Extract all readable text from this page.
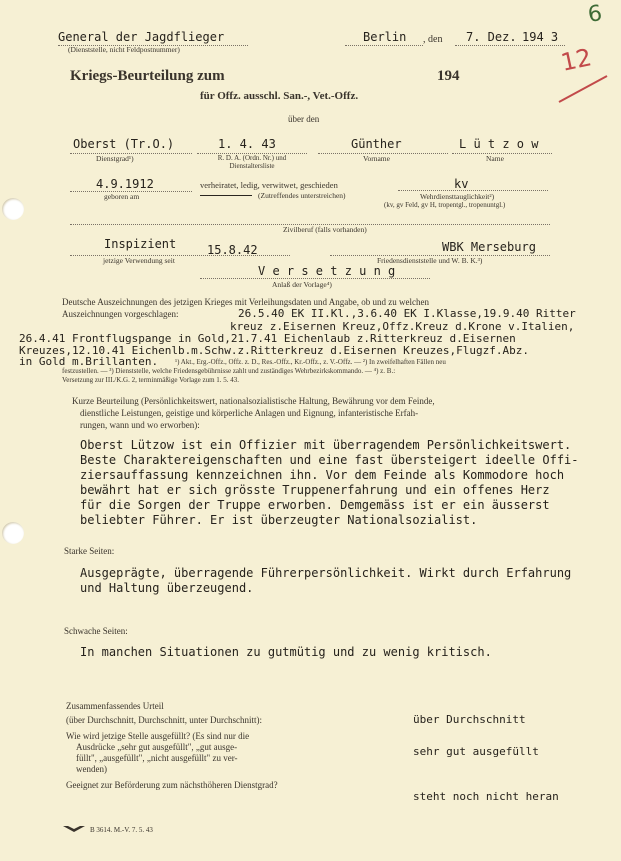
General der Jagdflieger
(Dienststelle, nicht Feldpostnummer)
Berlin , den 7. Dez. 194 3
6
12
Kriegs-Beurteilung zum	194
für Offz. ausschl. San.-, Vet.-Offz.
über den
Oberst (Tr.O.)
Dienstgrad¹)
1. 4. 43
R. D. A. (Ordn. Nr.) und Dienstaltersliste
Günther
Vorname
L ü t z o w
Name
4.9.1912
geboren am
verheiratet, ledig, verwitwet, geschieden
(Zutreffendes unterstreichen)
kv
Wehrdiensttauglichkeit²)
(kv, gv Feld, gv H, tropentgl., tropenuntgl.)
Zivilberuf (falls vorhanden)
Inspizient	15.8.42
jetzige Verwendung seit
WBK Merseburg
Friedensdienststelle und W. B. K.³)
V e r s e t z u n g
Anlaß der Vorlage⁴)
Deutsche Auszeichnungen des jetzigen Krieges mit Verleihungsdaten und Angabe, ob und zu welchen
Auszeichnungen vorgeschlagen:	26.5.40 EK II.Kl.,3.6.40 EK I.Klasse,19.9.40 Ritter
kreuz z.Eisernen Kreuz,Offz.Kreuz d.Krone v.Italien,
26.4.41 Frontflugspange in Gold,21.7.41 Eichenlaub z.Ritterkreuz d.Eisernen
Kreuzes,12.10.41 Eichenlb.m.Schw.z.Ritterkreuz d.Eisernen Kreuzes,Flugzf.Abz.
in Gold m.Brillanten. ¹) Akt., Erg.-Offz., Offz. z. D., Res.-Offz., Kr.-Offz., z. V.-Offz. — ²) In zweifelhaften Fällen neu
festzustellen. — ³) Dienststelle, welche Friedensgebührnisse zahlt und zuständiges Wehrbezirkskommando. — ⁴) z. B.:
Versetzung zur III./K.G. 2, terminmäßige Vorlage zum 1. 5. 43.
Kurze Beurteilung (Persönlichkeitswert, nationalsozialistische Haltung, Bewährung vor dem Feinde,
dienstliche Leistungen, geistige und körperliche Anlagen und Eignung, infanteristische Erfah-
rungen, wann und wo erworben):
Oberst Lützow ist ein Offizier mit überragendem Persönlichkeitswert.
Beste Charaktereigenschaften und eine fast übersteigert ideelle Offi-
ziersauffassung kennzeichnen ihn. Vor dem Feinde als Kommodore hoch
bewährt hat er sich grösste Truppenerfahrung und ein offenes Herz
für die Sorgen der Truppe erworben. Demgemäss ist er ein äusserst
beliebter Führer. Er ist überzeugter Nationalsozialist.
Starke Seiten:
Ausgeprägte, überragende Führerpersönlichkeit. Wirkt durch Erfahrung
und Haltung überzeugend.
Schwache Seiten:
In manchen Situationen zu gutmütig und zu wenig kritisch.
Zusammenfassendes Urteil
(über Durchschnitt, Durchschnitt, unter Durchschnitt):	über Durchschnitt
Wie wird jetzige Stelle ausgefüllt? (Es sind nur die
Ausdrücke „sehr gut ausgefüllt", „gut ausge-
füllt", „ausgefüllt", „nicht ausgefüllt" zu ver-
wenden)
sehr gut ausgefüllt
Geeignet zur Beförderung zum nächsthöheren Dienstgrad?
steht noch nicht heran
B 3614. M.-V. 7. 5. 43
